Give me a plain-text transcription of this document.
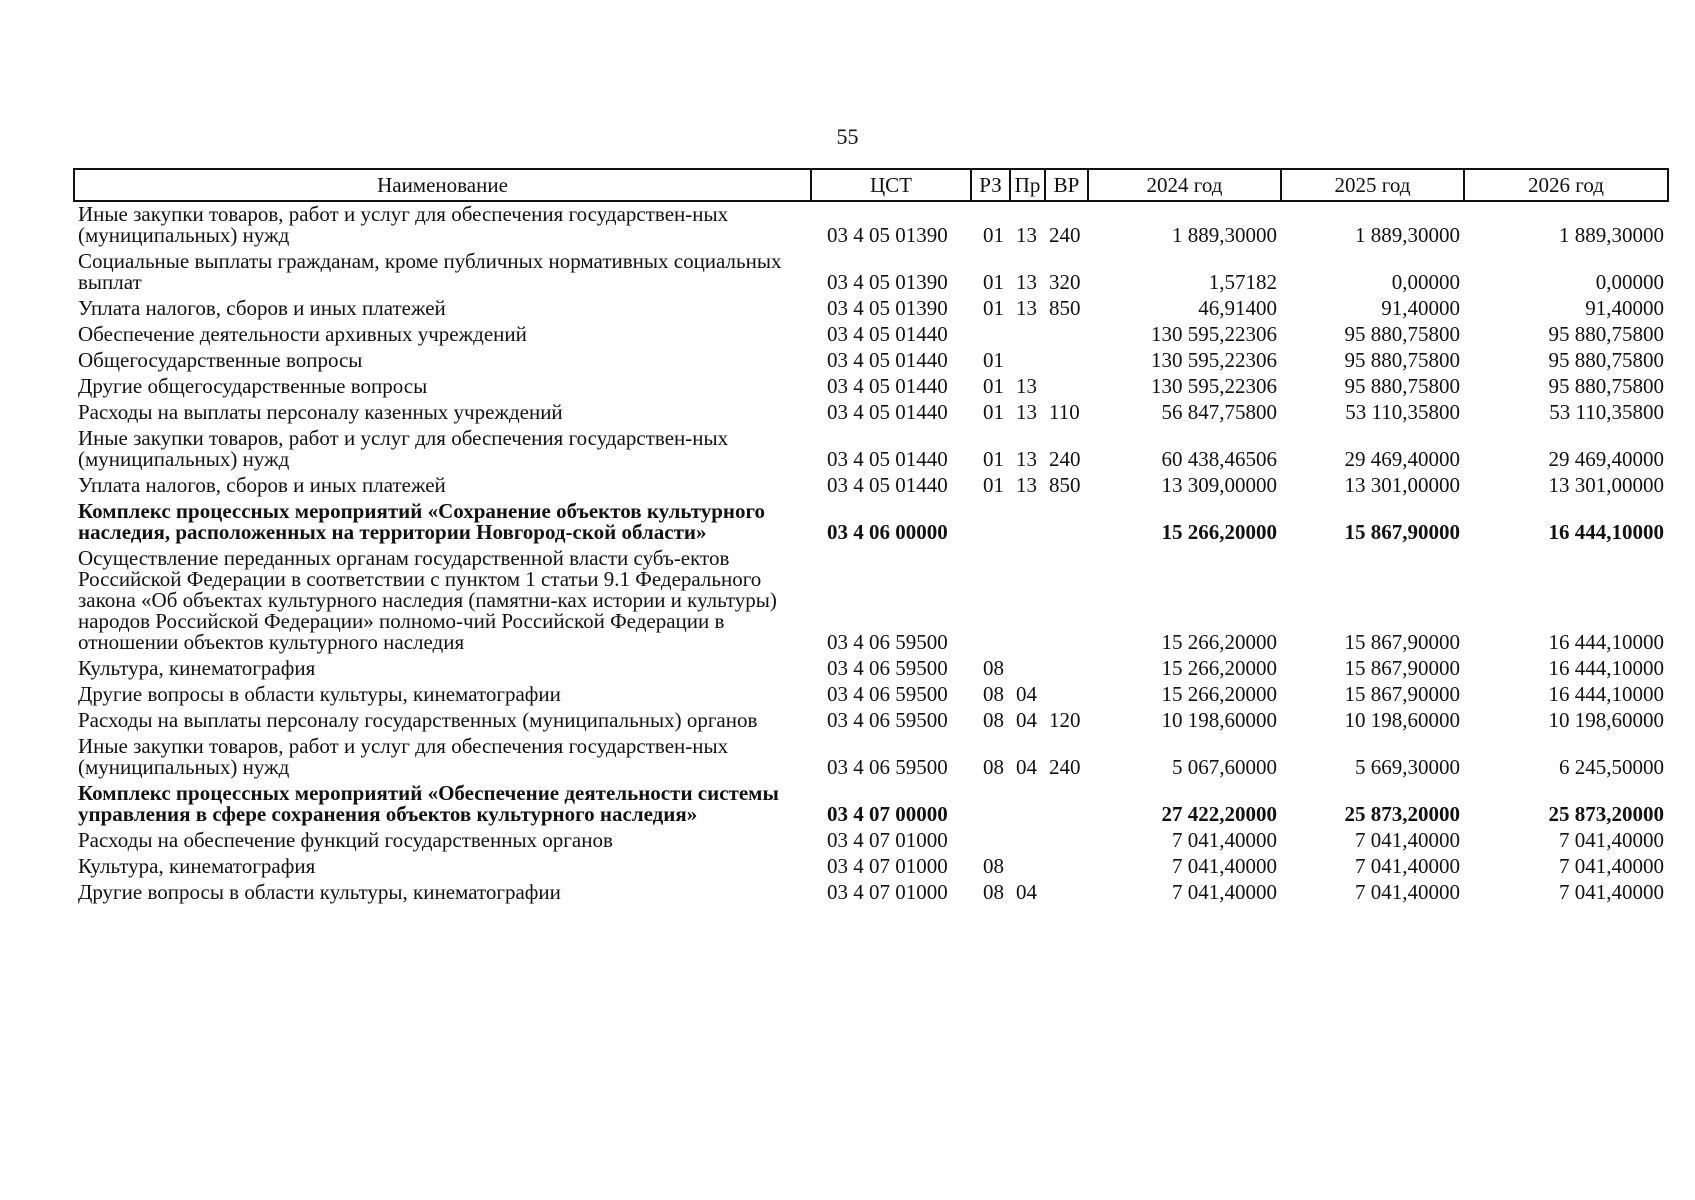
55
Наименование	ЦСТ	РЗ	Пр	ВР	2024 год	2025 год	2026 год
Иные закупки товаров, работ и услуг для обеспечения государствен-ных (муниципальных) нужд	03 4 05 01390	01	13	240	1 889,30000	1 889,30000	1 889,30000
Социальные выплаты гражданам, кроме публичных нормативных социальных выплат	03 4 05 01390	01	13	320	1,57182	0,00000	0,00000
Уплата налогов, сборов и иных платежей	03 4 05 01390	01	13	850	46,91400	91,40000	91,40000
Обеспечение деятельности архивных учреждений	03 4 05 01440				130 595,22306	95 880,75800	95 880,75800
Общегосударственные вопросы	03 4 05 01440	01			130 595,22306	95 880,75800	95 880,75800
Другие общегосударственные вопросы	03 4 05 01440	01	13		130 595,22306	95 880,75800	95 880,75800
Расходы на выплаты персоналу казенных учреждений	03 4 05 01440	01	13	110	56 847,75800	53 110,35800	53 110,35800
Иные закупки товаров, работ и услуг для обеспечения государствен-ных (муниципальных) нужд	03 4 05 01440	01	13	240	60 438,46506	29 469,40000	29 469,40000
Уплата налогов, сборов и иных платежей	03 4 05 01440	01	13	850	13 309,00000	13 301,00000	13 301,00000
Комплекс процессных мероприятий «Сохранение объектов культурного наследия, расположенных на территории Новгород-ской области»	03 4 06 00000				15 266,20000	15 867,90000	16 444,10000
Осуществление переданных органам государственной власти субъ-ектов Российской Федерации в соответствии с пунктом 1 статьи 9.1 Федерального закона «Об объектах культурного наследия (памятни-ках истории и культуры) народов Российской Федерации» полномо-чий Российской Федерации в отношении объектов культурного наследия	03 4 06 59500				15 266,20000	15 867,90000	16 444,10000
Культура, кинематография	03 4 06 59500	08			15 266,20000	15 867,90000	16 444,10000
Другие вопросы в области культуры, кинематографии	03 4 06 59500	08	04		15 266,20000	15 867,90000	16 444,10000
Расходы на выплаты персоналу государственных (муниципальных) органов	03 4 06 59500	08	04	120	10 198,60000	10 198,60000	10 198,60000
Иные закупки товаров, работ и услуг для обеспечения государствен-ных (муниципальных) нужд	03 4 06 59500	08	04	240	5 067,60000	5 669,30000	6 245,50000
Комплекс процессных мероприятий «Обеспечение деятельности системы управления в сфере сохранения объектов культурного наследия»	03 4 07 00000				27 422,20000	25 873,20000	25 873,20000
Расходы на обеспечение функций государственных органов	03 4 07 01000				7 041,40000	7 041,40000	7 041,40000
Культура, кинематография	03 4 07 01000	08			7 041,40000	7 041,40000	7 041,40000
Другие вопросы в области культуры, кинематографии	03 4 07 01000	08	04		7 041,40000	7 041,40000	7 041,40000
